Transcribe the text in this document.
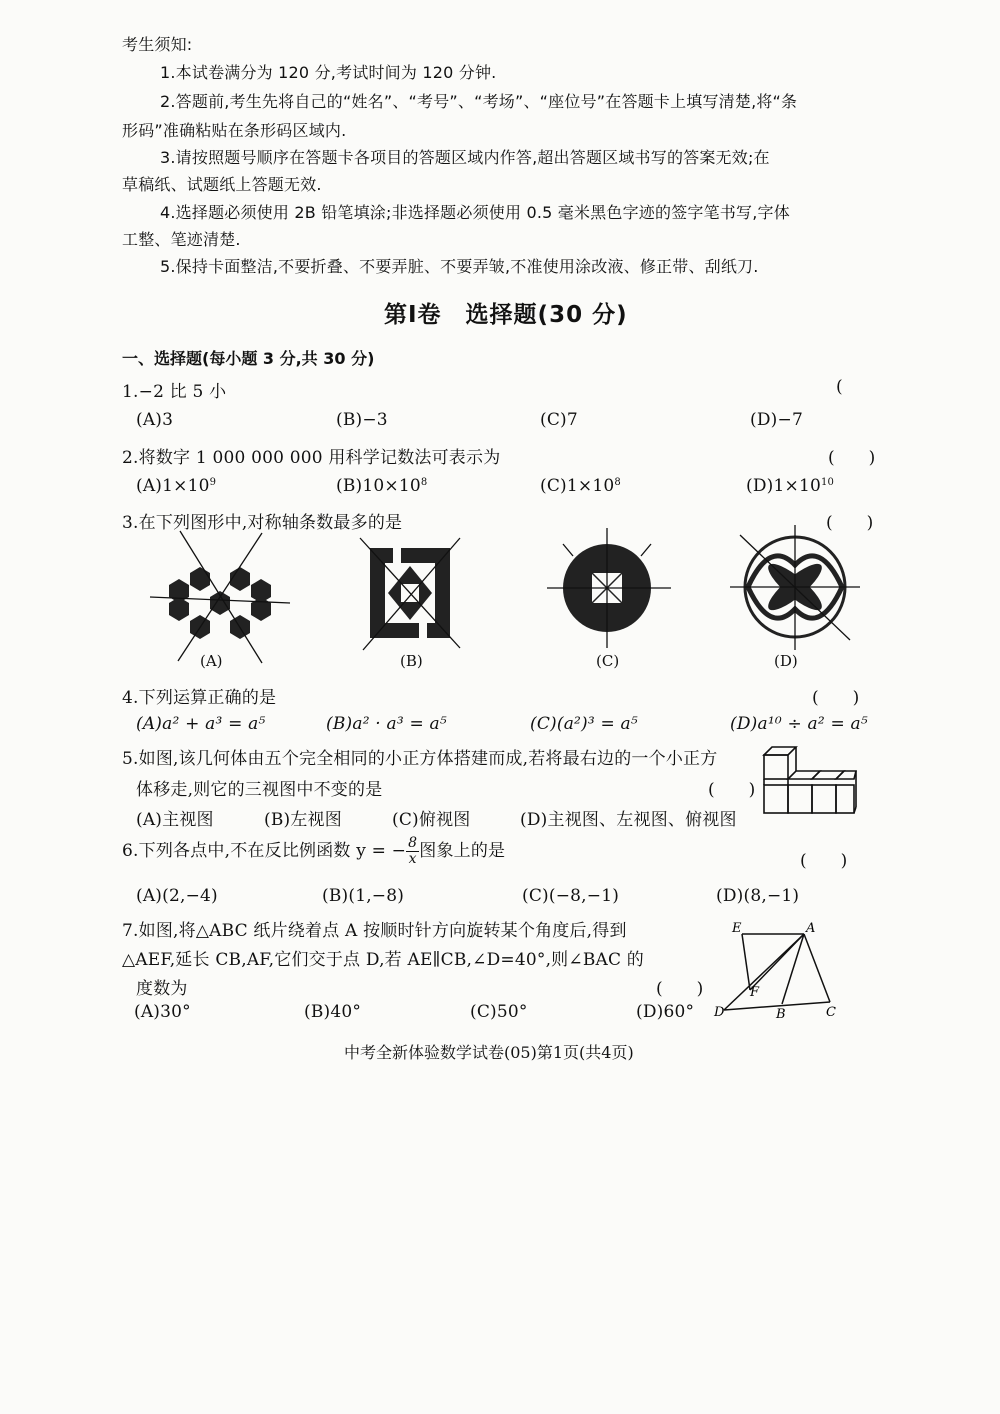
考生须知:
1.本试卷满分为 120 分,考试时间为 120 分钟.
2.答题前,考生先将自己的“姓名”、“考号”、“考场”、“座位号”在答题卡上填写清楚,将“条
形码”准确粘贴在条形码区域内.
3.请按照题号顺序在答题卡各项目的答题区域内作答,超出答题区域书写的答案无效;在
草稿纸、试题纸上答题无效.
4.选择题必须使用 2B 铅笔填涂;非选择题必须使用 0.5 毫米黑色字迹的签字笔书写,字体
工整、笔迹清楚.
5.保持卡面整洁,不要折叠、不要弄脏、不要弄皱,不准使用涂改液、修正带、刮纸刀.
第Ⅰ卷　选择题(30 分)
一、选择题(每小题 3 分,共 30 分)
1.−2 比 5 小	(
(A)3	(B)−3	(C)7	(D)−7
2.将数字 1 000 000 000 用科学记数法可表示为	(　　)
$(A)1\times 10^9$	$(B)10\times 10^8$	$(C)1\times 10^8$	$(D)1\times 10^{10}$
3.在下列图形中,对称轴条数最多的是	(　　)
(A)	(B)	(C)	(D)
4.下列运算正确的是	(　　)
(A)a² + a³ = a⁵	(B)a² · a³ = a⁵	(C)(a²)³ = a⁵	(D)a¹⁰ ÷ a² = a⁵
5.如图,该几何体由五个完全相同的小正方体搭建而成,若将最右边的一个小正方
体移走,则它的三视图中不变的是	(　　)
(A)主视图	(B)左视图	(C)俯视图	(D)主视图、左视图、俯视图
6.下列各点中,不在反比例函数 y = − $\frac{8}{x}$ 图象上的是	(　　)
(A)(2,−4)	(B)(1,−8)	(C)(−8,−1)	(D)(8,−1)
7.如图,将△ABC 纸片绕着点 A 按顺时针方向旋转某个角度后,得到
△AEF,延长 CB,AF,它们交于点 D,若 AE∥CB,∠D=40°,则∠BAC 的
度数为	(　　)
(A)30°	(B)40°	(C)50°	(D)60°
E	A
F
D	B	C
中考全新体验数学试卷(05)第1页(共4页)
